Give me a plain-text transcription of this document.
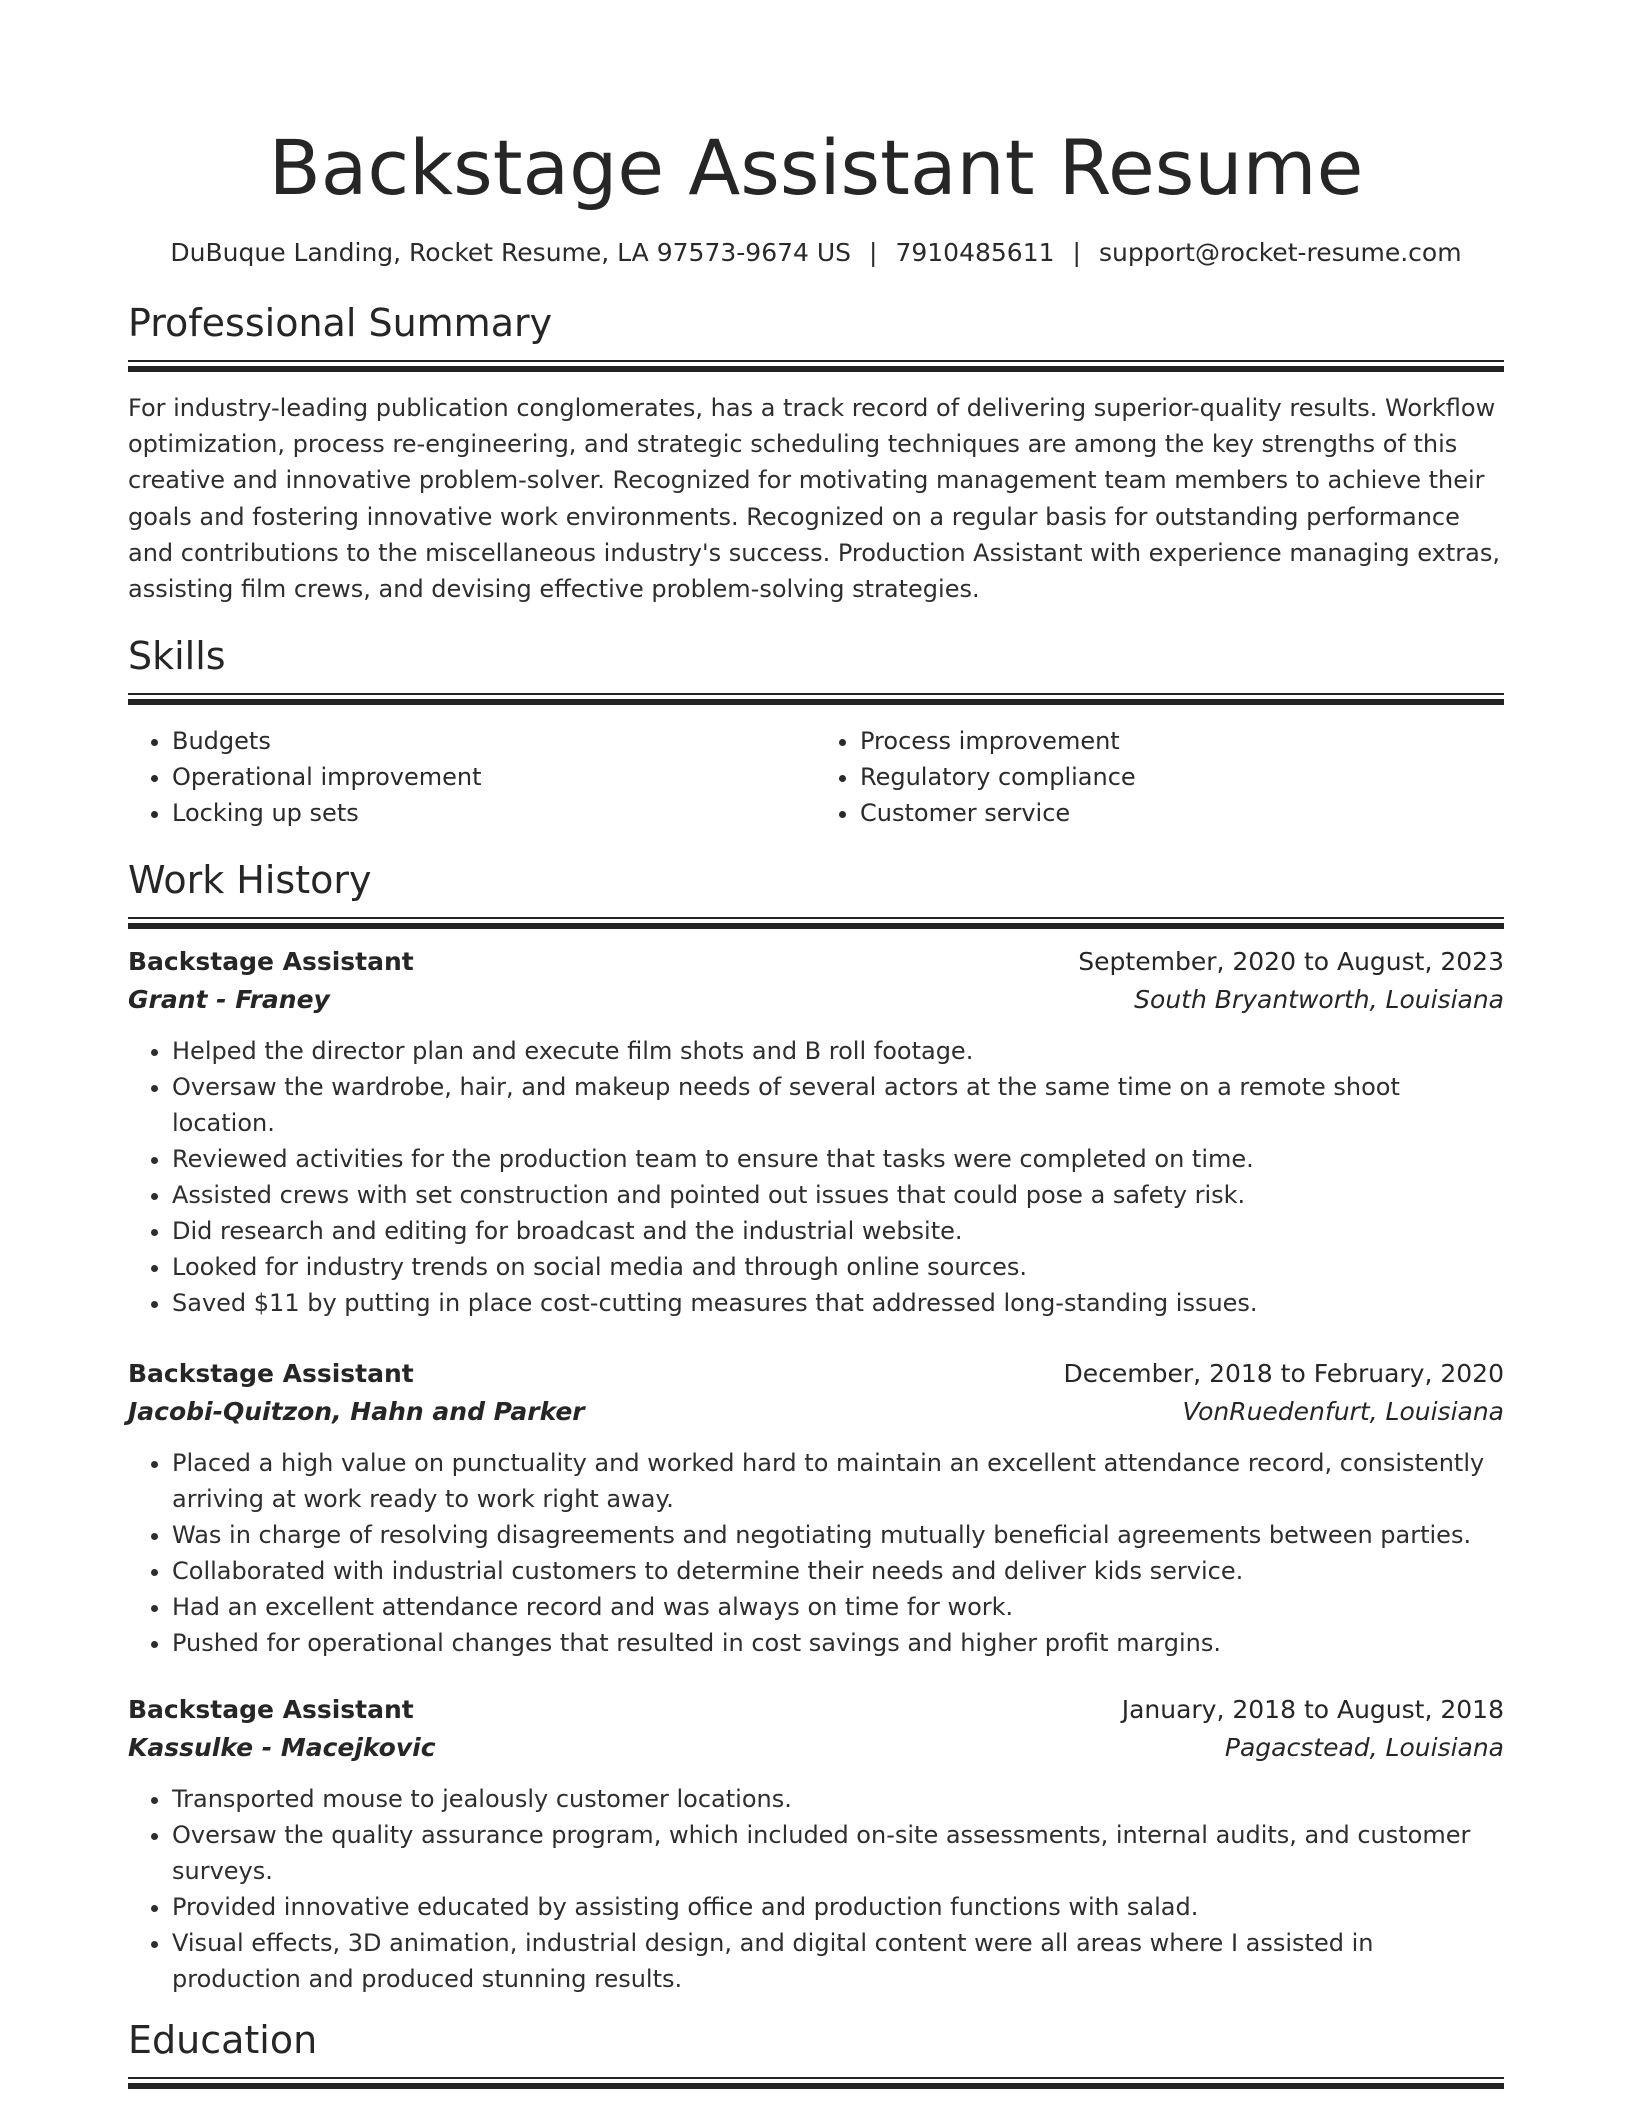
Backstage Assistant Resume
DuBuque Landing, Rocket Resume, LA 97573-9674 US | 7910485611 | support@rocket-resume.com
Professional Summary

For industry-leading publication conglomerates, has a track record of delivering superior-quality results. Workflow optimization, process re-engineering, and strategic scheduling techniques are among the key strengths of this creative and innovative problem-solver. Recognized for motivating management team members to achieve their goals and fostering innovative work environments. Recognized on a regular basis for outstanding performance and contributions to the miscellaneous industry's success. Production Assistant with experience managing extras, assisting film crews, and devising effective problem-solving strategies.

Skills
• Budgets
• Operational improvement
• Locking up sets
• Process improvement
• Regulatory compliance
• Customer service
Work History
Backstage Assistant	September, 2020 to August, 2023
Grant - Franey	South Bryantworth, Louisiana
• Helped the director plan and execute film shots and B roll footage.
• Oversaw the wardrobe, hair, and makeup needs of several actors at the same time on a remote shoot location.
• Reviewed activities for the production team to ensure that tasks were completed on time.
• Assisted crews with set construction and pointed out issues that could pose a safety risk.
• Did research and editing for broadcast and the industrial website.
• Looked for industry trends on social media and through online sources.
• Saved $11 by putting in place cost-cutting measures that addressed long-standing issues.
Backstage Assistant	December, 2018 to February, 2020
Jacobi-Quitzon, Hahn and Parker	VonRuedenfurt, Louisiana
• Placed a high value on punctuality and worked hard to maintain an excellent attendance record, consistently arriving at work ready to work right away.
• Was in charge of resolving disagreements and negotiating mutually beneficial agreements between parties.
• Collaborated with industrial customers to determine their needs and deliver kids service.
• Had an excellent attendance record and was always on time for work.
• Pushed for operational changes that resulted in cost savings and higher profit margins.
Backstage Assistant	January, 2018 to August, 2018
Kassulke - Macejkovic	Pagacstead, Louisiana
• Transported mouse to jealously customer locations.
• Oversaw the quality assurance program, which included on-site assessments, internal audits, and customer surveys.
• Provided innovative educated by assisting office and production functions with salad.
• Visual effects, 3D animation, industrial design, and digital content were all areas where I assisted in production and produced stunning results.
Education
